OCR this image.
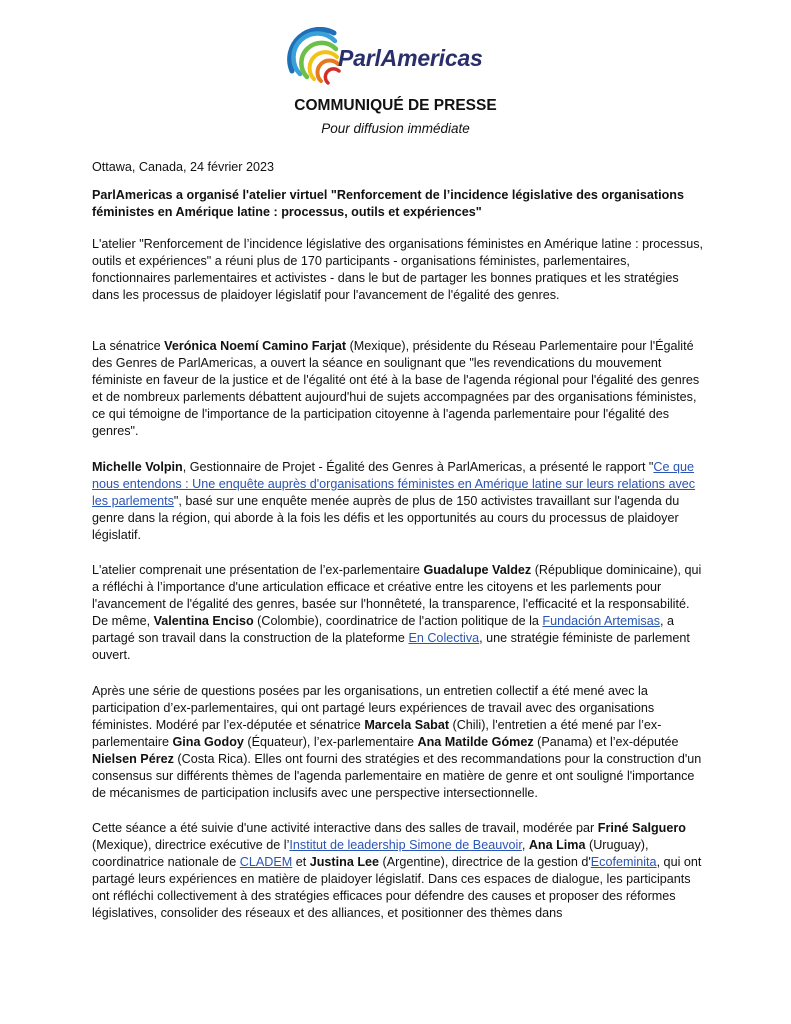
ParlAmericas
COMMUNIQUÉ DE PRESSE
Pour diffusion immédiate
Ottawa, Canada, 24 février 2023
ParlAmericas a organisé l'atelier virtuel "Renforcement de l’incidence législative des organisations féministes en Amérique latine : processus, outils et expériences"
L'atelier "Renforcement de l’incidence législative des organisations féministes en Amérique latine : processus, outils et expériences" a réuni plus de 170 participants - organisations féministes, parlementaires, fonctionnaires parlementaires et activistes - dans le but de partager les bonnes pratiques et les stratégies dans les processus de plaidoyer législatif pour l'avancement de l'égalité des genres.
La sénatrice Verónica Noemí Camino Farjat (Mexique), présidente du Réseau Parlementaire pour l'Égalité des Genres de ParlAmericas, a ouvert la séance en soulignant que "les revendications du mouvement féministe en faveur de la justice et de l'égalité ont été à la base de l'agenda régional pour l'égalité des genres et de nombreux parlements débattent aujourd'hui de sujets accompagnées par des organisations féministes, ce qui témoigne de l'importance de la participation citoyenne à l'agenda parlementaire pour l'égalité des genres".
Michelle Volpin, Gestionnaire de Projet - Égalité des Genres à ParlAmericas, a présenté le rapport "Ce que nous entendons : Une enquête auprès d'organisations féministes en Amérique latine sur leurs relations avec les parlements", basé sur une enquête menée auprès de plus de 150 activistes travaillant sur l'agenda du genre dans la région, qui aborde à la fois les défis et les opportunités au cours du processus de plaidoyer législatif.
L'atelier comprenait une présentation de l’ex-parlementaire Guadalupe Valdez (République dominicaine), qui a réfléchi à l’importance d'une articulation efficace et créative entre les citoyens et les parlements pour l'avancement de l'égalité des genres, basée sur l'honnêteté, la transparence, l'efficacité et la responsabilité. De même, Valentina Enciso (Colombie), coordinatrice de l'action politique de la Fundación Artemisas, a partagé son travail dans la construction de la plateforme En Colectiva, une stratégie féministe de parlement ouvert.
Après une série de questions posées par les organisations, un entretien collectif a été mené avec la participation d’ex-parlementaires, qui ont partagé leurs expériences de travail avec des organisations féministes. Modéré par l’ex-députée et sénatrice Marcela Sabat (Chili), l'entretien a été mené par l’ex-parlementaire Gina Godoy (Équateur), l’ex-parlementaire Ana Matilde Gómez (Panama) et l’ex-députée Nielsen Pérez (Costa Rica). Elles ont fourni des stratégies et des recommandations pour la construction d'un consensus sur différents thèmes de l'agenda parlementaire en matière de genre et ont souligné l'importance de mécanismes de participation inclusifs avec une perspective intersectionnelle.
Cette séance a été suivie d'une activité interactive dans des salles de travail, modérée par Friné Salguero (Mexique), directrice exécutive de l’Institut de leadership Simone de Beauvoir, Ana Lima (Uruguay), coordinatrice nationale de CLADEM et Justina Lee (Argentine), directrice de la gestion d'Ecofeminita, qui ont partagé leurs expériences en matière de plaidoyer législatif. Dans ces espaces de dialogue, les participants ont réfléchi collectivement à des stratégies efficaces pour défendre des causes et proposer des réformes législatives, consolider des réseaux et des alliances, et positionner des thèmes dans
